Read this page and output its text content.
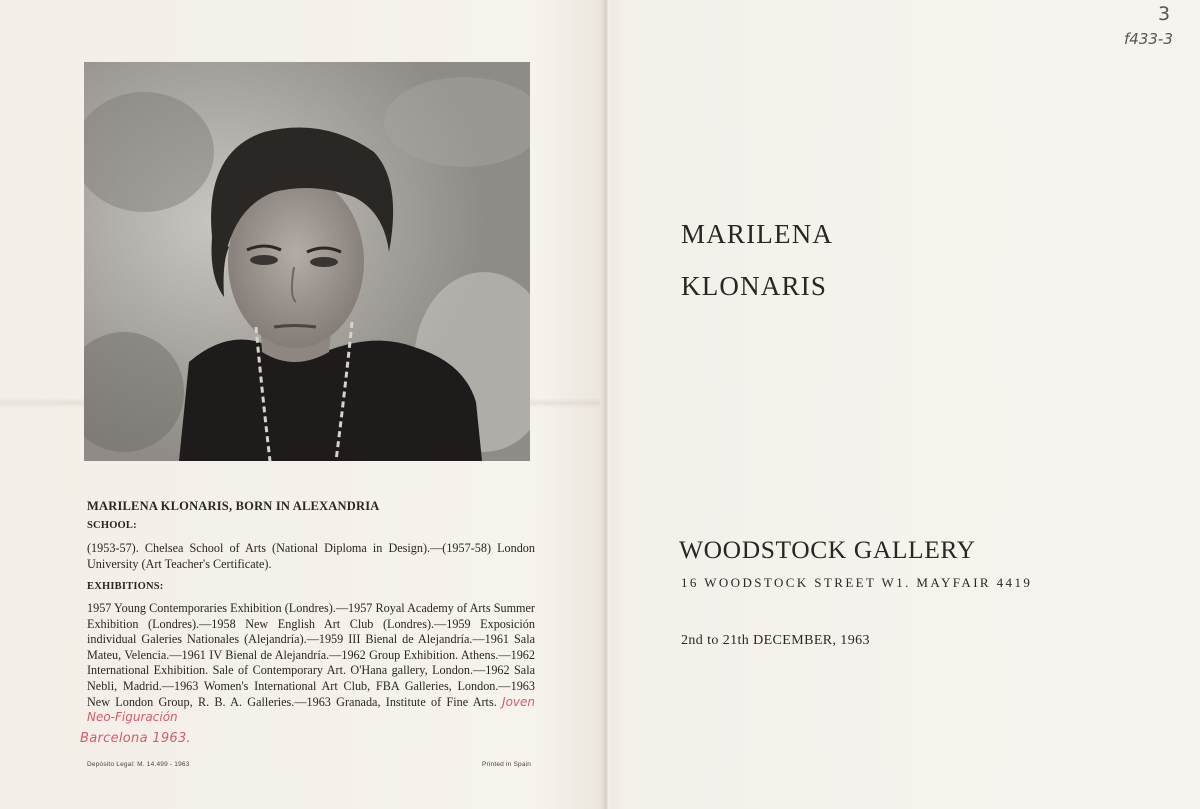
MARILENA KLONARIS, BORN IN ALEXANDRIA
SCHOOL:
(1953-57). Chelsea School of Arts (National Diploma in Design).—(1957-58) London University (Art Teacher's Certificate).
EXHIBITIONS:
1957 Young Contemporaries Exhibition (Londres).—1957 Royal Academy of Arts Summer Exhibition (Londres).—1958 New English Art Club (Londres).—1959 Exposición individual Galeries Nationales (Alejandría).—1959 III Bienal de Alejandría.—1961 Sala Mateu, Velencia.—1961 IV Bienal de Alejandría.—1962 Group Exhibition. Athens.—1962 International Exhibition. Sale of Contemporary Art. O'Hana gallery, London.—1962 Sala Nebli, Madrid.—1963 Women's International Art Club, FBA Galleries, London.—1963 New London Group, R. B. A. Galleries.—1963 Granada, Institute of Fine Arts. Joven Neo-Figuración
Barcelona 1963.
Depósito Legal: M. 14.499 - 1963	Printed in Spain
3
f433-3
MARILENA
KLONARIS
WOODSTOCK GALLERY
16 WOODSTOCK STREET W1. MAYFAIR 4419
2nd to 21th DECEMBER, 1963
